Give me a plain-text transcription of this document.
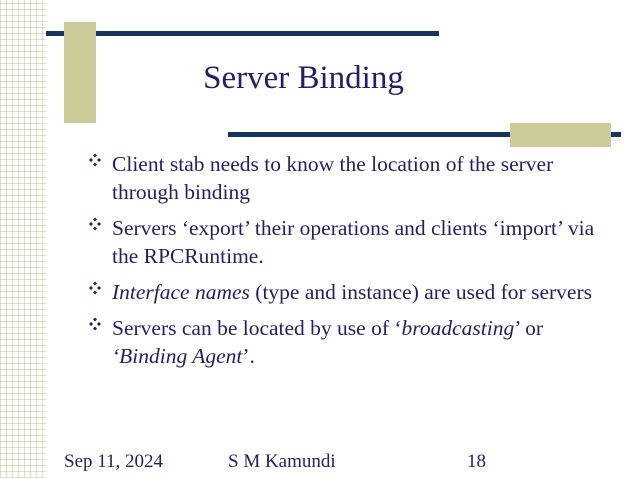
Server Binding
Client stab needs to know the location of the server through binding
Servers ‘export’ their operations and clients ‘import’ via the RPCRuntime.
Interface names (type and instance) are used for servers
Servers can be located by use of ‘broadcasting’ or ‘Binding Agent’.
Sep 11, 2024	S M Kamundi	18
